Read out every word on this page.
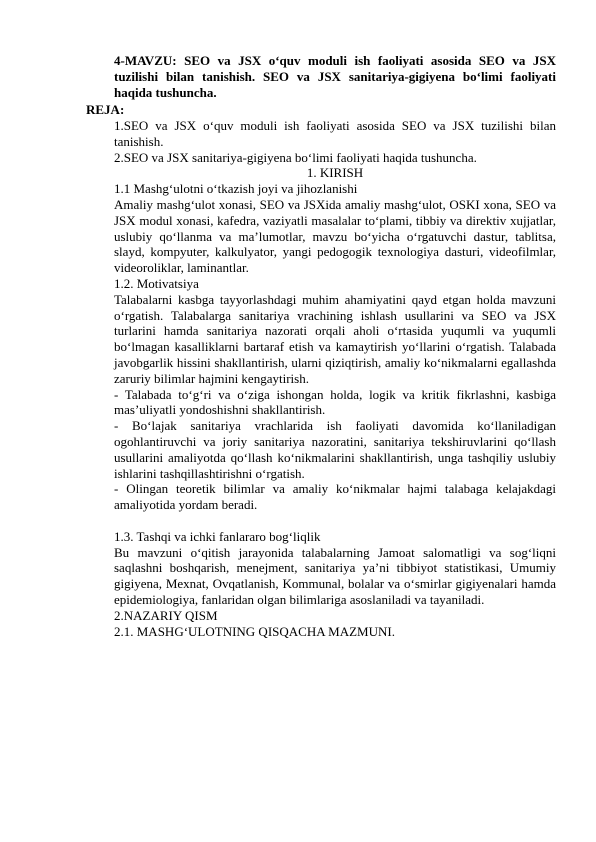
4-MAVZU: SEO va JSX o‘quv moduli ish faoliyati asosida SEO va JSX tuzilishi bilan tanishish. SEO va JSX sanitariya-gigiyena bo‘limi faoliyati haqida tushuncha.
REJA:

1.SEO va JSX o‘quv moduli ish faoliyati asosida SEO va JSX tuzilishi bilan tanishish.

2.SEO va JSX sanitariya-gigiyena bo‘limi faoliyati haqida tushuncha.

1. KIRISH

1.1 Mashg‘ulotni o‘tkazish joyi va jihozlanishi

Amaliy mashg‘ulot xonasi, SEO va JSXida amaliy mashg‘ulot, OSKI xona, SEO va JSX modul xonasi, kafedra, vaziyatli masalalar to‘plami, tibbiy va direktiv xujjatlar, uslubiy qo‘llanma va ma’lumotlar, mavzu bo‘yicha o‘rgatuvchi dastur, tablitsa, slayd, kompyuter, kalkulyator, yangi pedogogik texnologiya dasturi, videofilmlar, videoroliklar, laminantlar.

1.2. Motivatsiya

Talabalarni kasbga tayyorlashdagi muhim ahamiyatini qayd etgan holda mavzuni o‘rgatish. Talabalarga sanitariya vrachining ishlash usullarini va SEO va JSX turlarini hamda sanitariya nazorati orqali aholi o‘rtasida yuqumli va yuqumli bo‘lmagan kasalliklarni bartaraf etish va kamaytirish yo‘llarini o‘rgatish. Talabada javobgarlik hissini shakllantirish, ularni qiziqtirish, amaliy ko‘nikmalarni egallashda zaruriy bilimlar hajmini kengaytirish.

- Talabada to‘g‘ri va o‘ziga ishongan holda, logik va kritik fikrlashni, kasbiga mas’uliyatli yondoshishni shakllantirish.

- Bo‘lajak sanitariya vrachlarida ish faoliyati davomida ko‘llaniladigan ogohlantiruvchi va joriy sanitariya nazoratini, sanitariya tekshiruvlarini qo‘llash usullarini amaliyotda qo‘llash ko‘nikmalarini shakllantirish, unga tashqiliy uslubiy ishlarini tashqillashtirishni o‘rgatish.

- Olingan teoretik bilimlar va amaliy ko‘nikmalar hajmi talabaga kelajakdagi amaliyotida yordam beradi.

1.3. Tashqi va ichki fanlararo bog‘liqlik

Bu mavzuni o‘qitish jarayonida talabalarning Jamoat salomatligi va sog‘liqni saqlashni boshqarish, menejment, sanitariya ya’ni tibbiyot statistikasi, Umumiy gigiyena, Mexnat, Ovqatlanish, Kommunal, bolalar va o‘smirlar gigiyenalari hamda epidemiologiya, fanlaridan olgan bilimlariga asoslaniladi va tayaniladi.

2.NAZARIY QISM

2.1. MASHG‘ULOTNING QISQACHA MAZMUNI.
